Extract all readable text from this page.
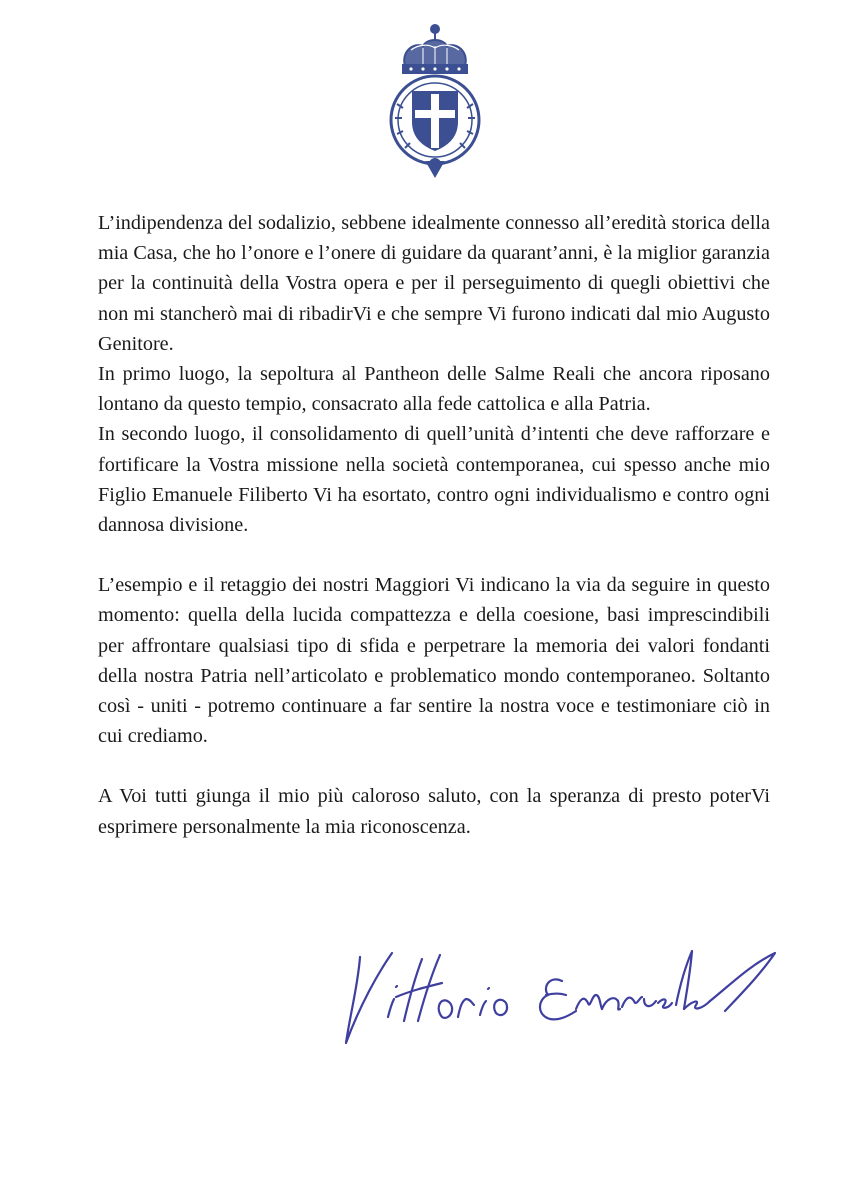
L’indipendenza del sodalizio, sebbene idealmente connesso all’eredità storica della mia Casa, che ho l’onore e l’onere di guidare da quarant’anni, è la miglior garanzia per la continuità della Vostra opera e per il perseguimento di quegli obiettivi che non mi stancherò mai di ribadirVi e che sempre Vi furono indicati dal mio Augusto Genitore.

In primo luogo, la sepoltura al Pantheon delle Salme Reali che ancora riposano lontano da questo tempio, consacrato alla fede cattolica e alla Patria.

In secondo luogo, il consolidamento di quell’unità d’intenti che deve rafforzare e fortificare la Vostra missione nella società contemporanea, cui spesso anche mio Figlio Emanuele Filiberto Vi ha esortato, contro ogni individualismo e contro ogni dannosa divisione.

L’esempio e il retaggio dei nostri Maggiori Vi indicano la via da seguire in questo momento: quella della lucida compattezza e della coesione, basi imprescindibili per affrontare qualsiasi tipo di sfida e perpetrare la memoria dei valori fondanti della nostra Patria nell’articolato e problematico mondo contemporaneo. Soltanto così - uniti - potremo continuare a far sentire la nostra voce e testimoniare ciò in cui crediamo.

A Voi tutti giunga il mio più caloroso saluto, con la speranza di presto poterVi esprimere personalmente la mia riconoscenza.
